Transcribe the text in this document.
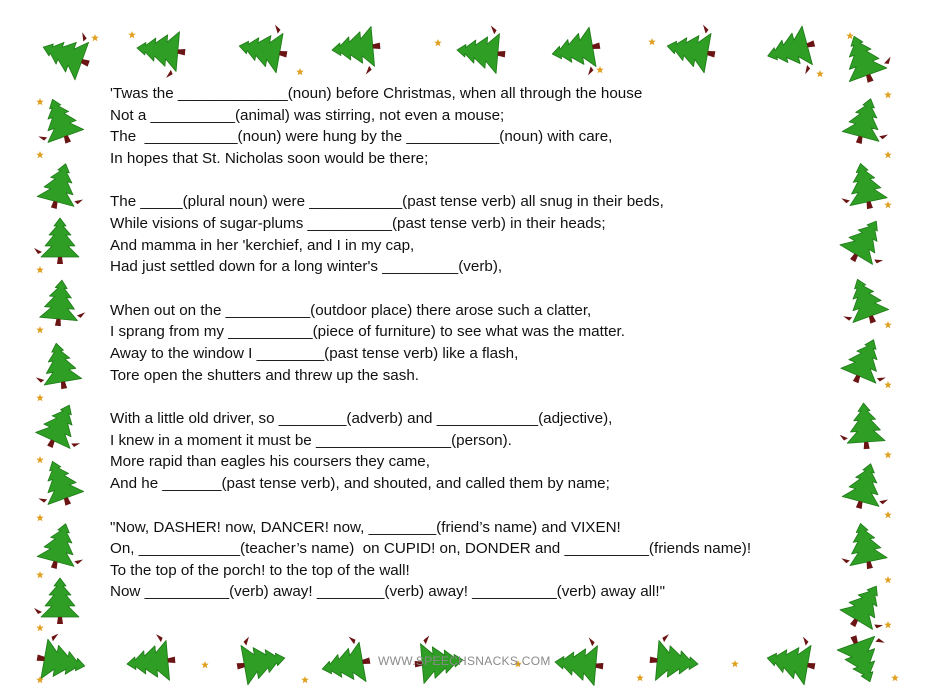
'Twas the _____________(noun) before Christmas, when all through the house
Not a __________(animal) was stirring, not even a mouse;
The  ___________(noun) were hung by the ___________(noun) with care,
In hopes that St. Nicholas soon would be there;
The _____(plural noun) were ___________(past tense verb) all snug in their beds,
While visions of sugar-plums __________(past tense verb) in their heads;
And mamma in her 'kerchief, and I in my cap,
Had just settled down for a long winter's _________(verb),
When out on the __________(outdoor place) there arose such a clatter,
I sprang from my __________(piece of furniture) to see what was the matter.
Away to the window I ________(past tense verb) like a flash,
Tore open the shutters and threw up the sash.
With a little old driver, so ________(adverb) and ____________(adjective),
I knew in a moment it must be ________________(person).
More rapid than eagles his coursers they came,
And he _______(past tense verb), and shouted, and called them by name;
"Now, DASHER! now, DANCER! now, ________(friend’s name) and VIXEN!
On, ____________(teacher’s name)  on CUPID! on, DONDER and __________(friends name)!
To the top of the porch! to the top of the wall!
Now __________(verb) away! ________(verb) away! __________(verb) away all!"
WWW.SPEECHSNACKS.COM
